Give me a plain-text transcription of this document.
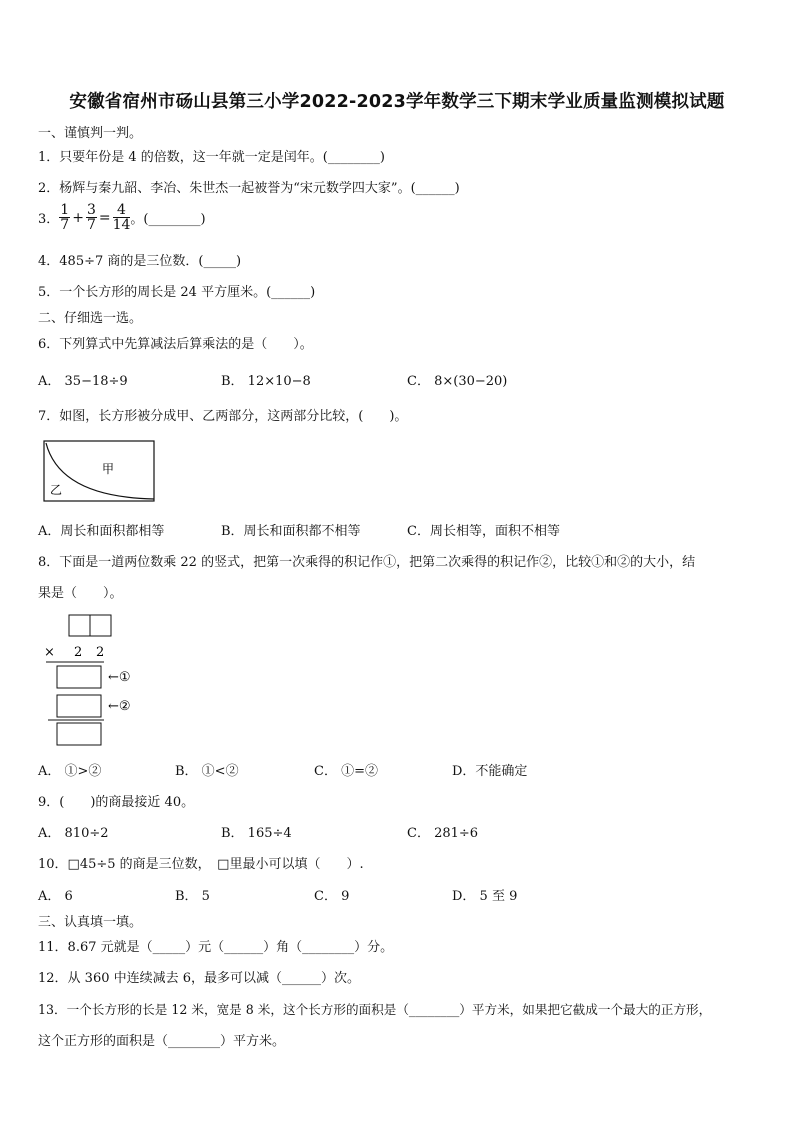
安徽省宿州市砀山县第三小学2022-2023学年数学三下期末学业质量监测模拟试题
一、谨慎判一判。
1．只要年份是 4 的倍数，这一年就一定是闰年。(________)
2．杨辉与秦九韶、李冶、朱世杰一起被誉为“宋元数学四大家”。(______)
3． $\frac{1}{7} + \frac{3}{7} = \frac{4}{14}$ 。(________)
4．485÷7 商的是三位数．(_____)
5．一个长方形的周长是 24 平方厘米。(______)
二、仔细选一选。
6．下列算式中先算减法后算乘法的是（　　）。
A． 35−18÷9	B． 12×10−8	C． 8×(30−20)
7．如图，长方形被分成甲、乙两部分，这两部分比较，(　　)。
甲
乙
A．周长和面积都相等	B．周长和面积都不相等	C．周长相等，面积不相等
8．下面是一道两位数乘 22 的竖式，把第一次乘得的积记作①，把第二次乘得的积记作②，比较①和②的大小，结
果是（　　）。
× 2 2
←①
←②
A． ①>②	B． ①<②	C． ①=②	D．不能确定
9．(　　)的商最接近 40。
A． 810÷2	B． 165÷4	C． 281÷6
10．□45÷5 的商是三位数，　□里最小可以填（　　）.
A． 6	B． 5	C． 9	D． 5 至 9
三、认真填一填。
11．8.67 元就是（_____）元（______）角（________）分。
12．从 360 中连续减去 6，最多可以减（______）次。
13．一个长方形的长是 12 米，宽是 8 米，这个长方形的面积是（________）平方米，如果把它截成一个最大的正方形，
这个正方形的面积是（________）平方米。
